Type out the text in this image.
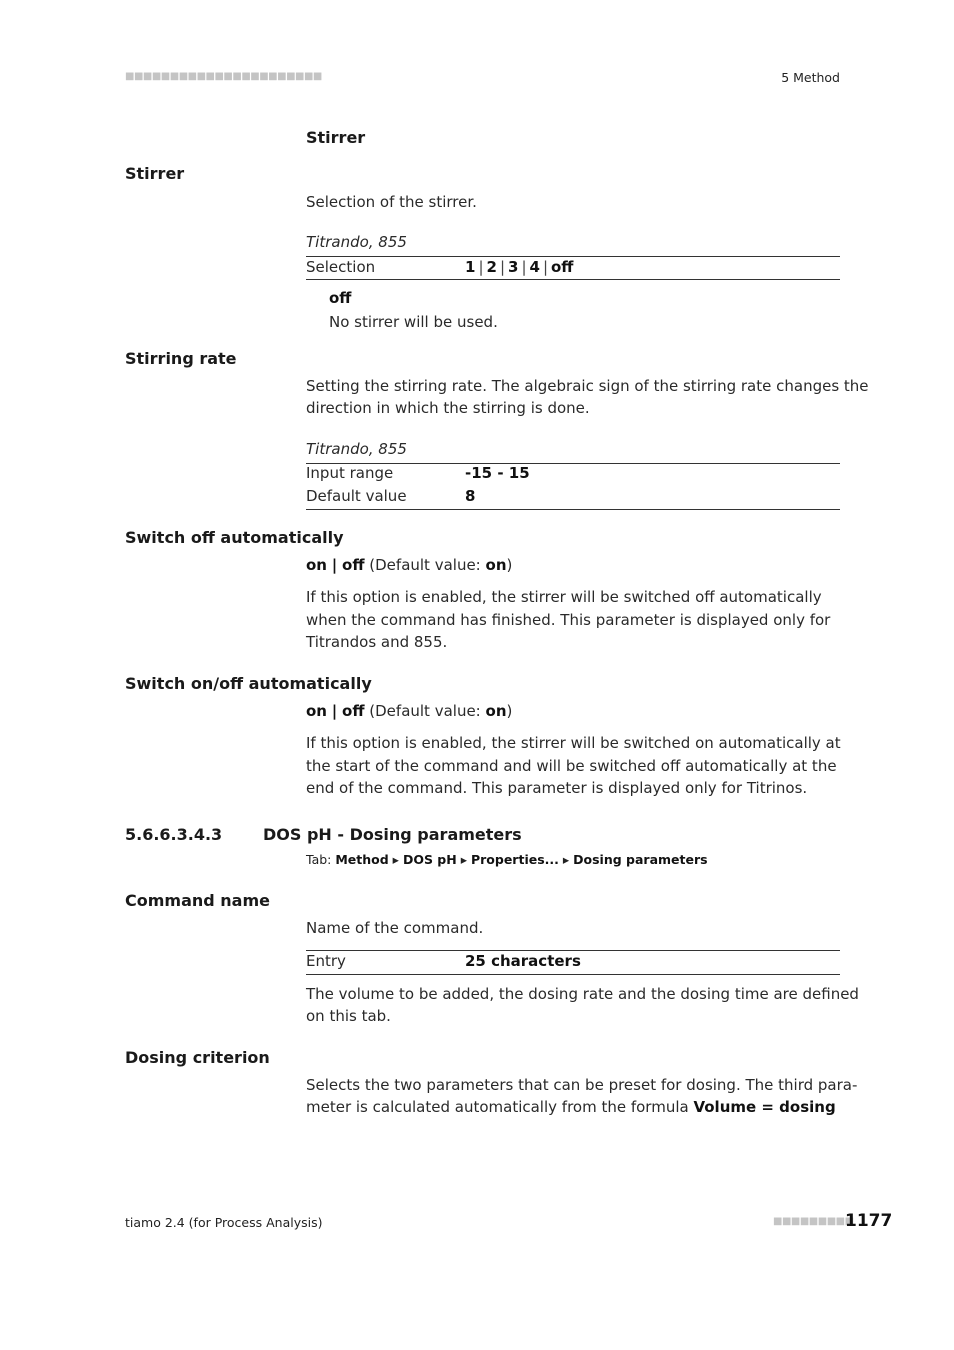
■■■■■■■■■■■■■■■■■■■■■■	5 Method
Stirrer
Stirrer
Selection of the stirrer.
Titrando, 855
Selection	1 | 2 | 3 | 4 | off
off
No stirrer will be used.
Stirring rate
Setting the stirring rate. The algebraic sign of the stirring rate changes the
direction in which the stirring is done.
Titrando, 855
Input range	-15 - 15
Default value	8
Switch off automatically
on | off (Default value: on)
If this option is enabled, the stirrer will be switched off automatically
when the command has finished. This parameter is displayed only for
Titrandos and 855.
Switch on/off automatically
on | off (Default value: on)
If this option is enabled, the stirrer will be switched on automatically at
the start of the command and will be switched off automatically at the
end of the command. This parameter is displayed only for Titrinos.
5.6.6.3.4.3	DOS pH - Dosing parameters
Tab: Method ▸ DOS pH ▸ Properties... ▸ Dosing parameters
Command name
Name of the command.
Entry	25 characters
The volume to be added, the dosing rate and the dosing time are defined
on this tab.
Dosing criterion
Selects the two parameters that can be preset for dosing. The third para-
meter is calculated automatically from the formula Volume = dosing
tiamo 2.4 (for Process Analysis)	■■■■■■■■■
1177
